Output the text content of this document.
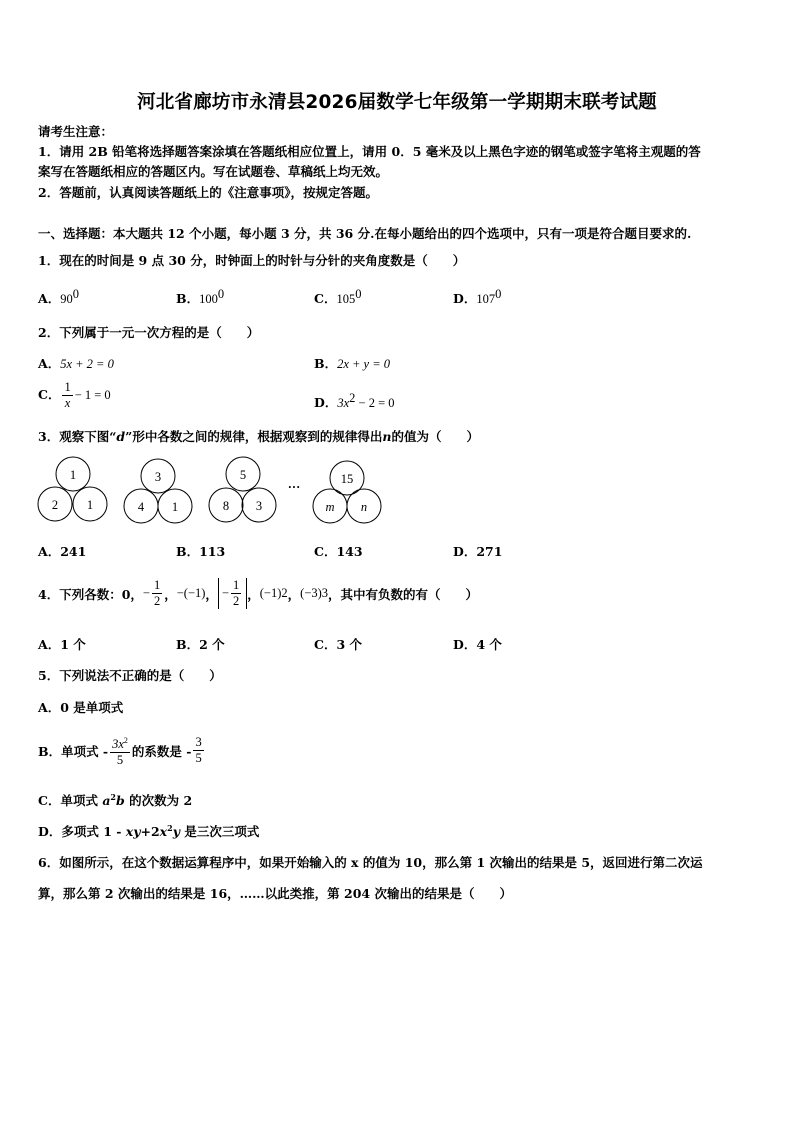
河北省廊坊市永清县2026届数学七年级第一学期期末联考试题
请考生注意：
1．请用 2B 铅笔将选择题答案涂填在答题纸相应位置上，请用 0．5 毫米及以上黑色字迹的钢笔或签字笔将主观题的答
案写在答题纸相应的答题区内。写在试题卷、草稿纸上均无效。
2．答题前，认真阅读答题纸上的《注意事项》，按规定答题。
一、选择题：本大题共 12 个小题，每小题 3 分，共 36 分.在每小题给出的四个选项中，只有一项是符合题目要求的.
1．现在的时间是 9 点 30 分，时钟面上的时针与分针的夹角度数是（　　）
A．$90^0$	B．$100^0$	C．$105^0$	D．$107^0$
2．下列属于一元一次方程的是（　　）
A．5x + 2 = 0	B．2x + y = 0
C． $\frac{1}{x} - 1 = 0$	D．$3x^2 - 2 = 0$
3．观察下图“d”形中各数之间的规律，根据观察到的规律得出n的值为（　　）
1
2 1
3
4 1
5
8 3
···
15
m n
A．241	B．113	C．143	D．271
4．下列各数：0， − $\frac{1}{2}$ ， −(−1) ， − $\frac{1}{2}$ ， (−1) 2 ， (−3) 3 ，其中有负数的有（　　）
A．1 个	B．2 个	C．3 个	D．4 个
5．下列说法不正确的是（　　）
A．0 是单项式
B．单项式 - $\frac{3x^2}{5}$ 的系数是 - $\frac{3}{5}$
C．单项式 $a^2b$ 的次数为 2
D．多项式 $1 - xy+2x^2y$ 是三次三项式
6．如图所示，在这个数据运算程序中，如果开始输入的 x 的值为 10，那么第 1 次输出的结果是 5，返回进行第二次运
算，那么第 2 次输出的结果是 16，……以此类推，第 204 次输出的结果是（　　）
